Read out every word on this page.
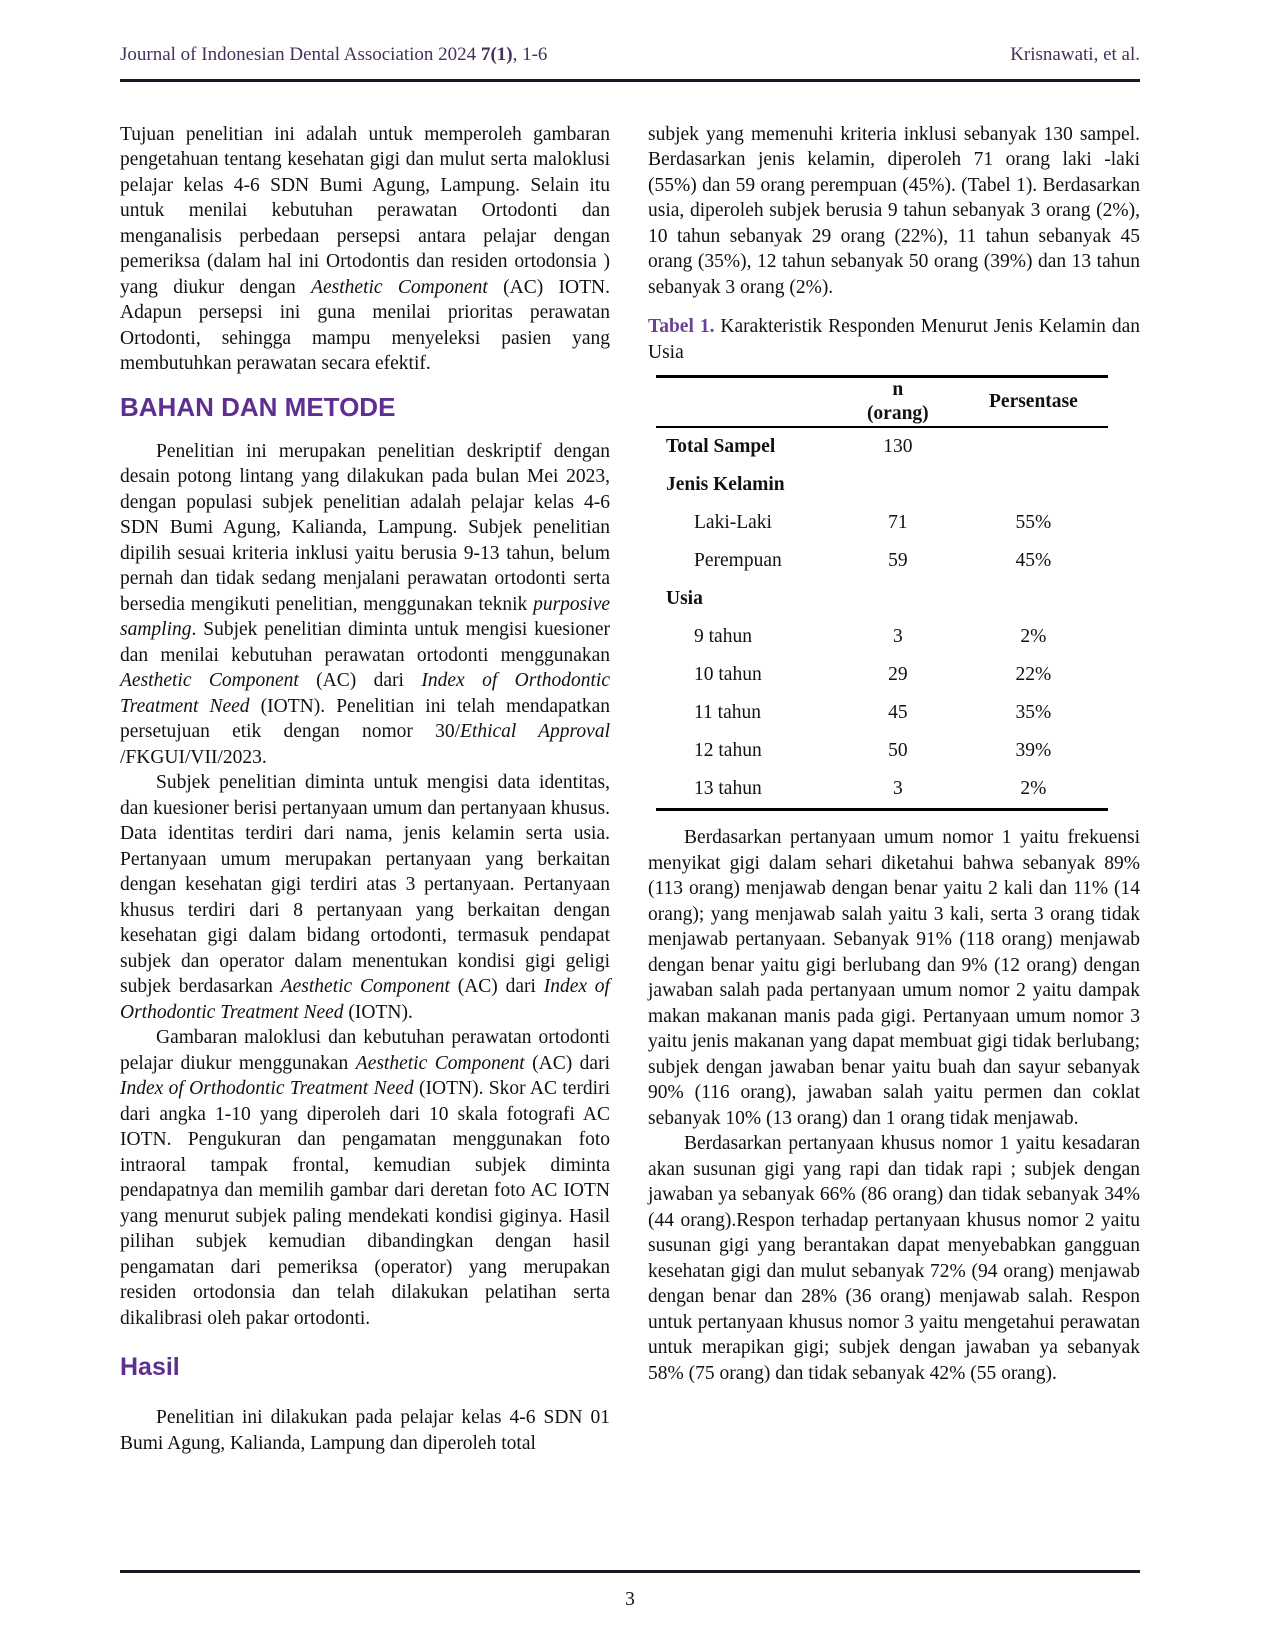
Journal of Indonesian Dental Association 2024 7(1), 1-6	Krisnawati, et al.

Tujuan penelitian ini adalah untuk memperoleh gambaran pengetahuan tentang kesehatan gigi dan mulut serta maloklusi pelajar kelas 4-6 SDN Bumi Agung, Lampung. Selain itu untuk menilai kebutuhan perawatan Ortodonti dan menganalisis perbedaan persepsi antara pelajar dengan pemeriksa (dalam hal ini Ortodontis dan residen ortodonsia ) yang diukur dengan Aesthetic Component (AC) IOTN. Adapun persepsi ini guna menilai prioritas perawatan Ortodonti, sehingga mampu menyeleksi pasien yang membutuhkan perawatan secara efektif.

BAHAN DAN METODE

Penelitian ini merupakan penelitian deskriptif dengan desain potong lintang yang dilakukan pada bulan Mei 2023, dengan populasi subjek penelitian adalah pelajar kelas 4-6 SDN Bumi Agung, Kalianda, Lampung. Subjek penelitian dipilih sesuai kriteria inklusi yaitu berusia 9-13 tahun, belum pernah dan tidak sedang menjalani perawatan ortodonti serta bersedia mengikuti penelitian, menggunakan teknik purposive sampling. Subjek penelitian diminta untuk mengisi kuesioner dan menilai kebutuhan perawatan ortodonti menggunakan Aesthetic Component (AC) dari Index of Orthodontic Treatment Need (IOTN). Penelitian ini telah mendapatkan persetujuan etik dengan nomor 30/Ethical Approval /FKGUI/VII/2023.

Subjek penelitian diminta untuk mengisi data identitas, dan kuesioner berisi pertanyaan umum dan pertanyaan khusus. Data identitas terdiri dari nama, jenis kelamin serta usia. Pertanyaan umum merupakan pertanyaan yang berkaitan dengan kesehatan gigi terdiri atas 3 pertanyaan. Pertanyaan khusus terdiri dari 8 pertanyaan yang berkaitan dengan kesehatan gigi dalam bidang ortodonti, termasuk pendapat subjek dan operator dalam menentukan kondisi gigi geligi subjek berdasarkan Aesthetic Component (AC) dari Index of Orthodontic Treatment Need (IOTN).

Gambaran maloklusi dan kebutuhan perawatan ortodonti pelajar diukur menggunakan Aesthetic Component (AC) dari Index of Orthodontic Treatment Need (IOTN). Skor AC terdiri dari angka 1-10 yang diperoleh dari 10 skala fotografi AC IOTN. Pengukuran dan pengamatan menggunakan foto intraoral tampak frontal, kemudian subjek diminta pendapatnya dan memilih gambar dari deretan foto AC IOTN yang menurut subjek paling mendekati kondisi giginya. Hasil pilihan subjek kemudian dibandingkan dengan hasil pengamatan dari pemeriksa (operator) yang merupakan residen ortodonsia dan telah dilakukan pelatihan serta dikalibrasi oleh pakar ortodonti.

Hasil

Penelitian ini dilakukan pada pelajar kelas 4-6 SDN 01 Bumi Agung, Kalianda, Lampung dan diperoleh total

subjek yang memenuhi kriteria inklusi sebanyak 130 sampel. Berdasarkan jenis kelamin, diperoleh 71 orang laki -laki (55%) dan 59 orang perempuan (45%). (Tabel 1). Berdasarkan usia, diperoleh subjek berusia 9 tahun sebanyak 3 orang (2%), 10 tahun sebanyak 29 orang (22%), 11 tahun sebanyak 45 orang (35%), 12 tahun sebanyak 50 orang (39%) dan 13 tahun sebanyak 3 orang (2%).

Tabel 1. Karakteristik Responden Menurut Jenis Kelamin dan Usia

	n
(orang)	Persentase
Total Sampel	130	
Jenis Kelamin		
Laki-Laki	71	55%
Perempuan	59	45%
Usia		
9 tahun	3	2%
10 tahun	29	22%
11 tahun	45	35%
12 tahun	50	39%
13 tahun	3	2%

Berdasarkan pertanyaan umum nomor 1 yaitu frekuensi menyikat gigi dalam sehari diketahui bahwa sebanyak 89% (113 orang) menjawab dengan benar yaitu 2 kali dan 11% (14 orang); yang menjawab salah yaitu 3 kali, serta 3 orang tidak menjawab pertanyaan. Sebanyak 91% (118 orang) menjawab dengan benar yaitu gigi berlubang dan 9% (12 orang) dengan jawaban salah pada pertanyaan umum nomor 2 yaitu dampak makan makanan manis pada gigi. Pertanyaan umum nomor 3 yaitu jenis makanan yang dapat membuat gigi tidak berlubang; subjek dengan jawaban benar yaitu buah dan sayur sebanyak 90% (116 orang), jawaban salah yaitu permen dan coklat sebanyak 10% (13 orang) dan 1 orang tidak menjawab.

Berdasarkan pertanyaan khusus nomor 1 yaitu kesadaran akan susunan gigi yang rapi dan tidak rapi ; subjek dengan jawaban ya sebanyak 66% (86 orang) dan tidak sebanyak 34% (44 orang).Respon terhadap pertanyaan khusus nomor 2 yaitu susunan gigi yang berantakan dapat menyebabkan gangguan kesehatan gigi dan mulut sebanyak 72% (94 orang) menjawab dengan benar dan 28% (36 orang) menjawab salah. Respon untuk pertanyaan khusus nomor 3 yaitu mengetahui perawatan untuk merapikan gigi; subjek dengan jawaban ya sebanyak 58% (75 orang) dan tidak sebanyak 42% (55 orang).

3
